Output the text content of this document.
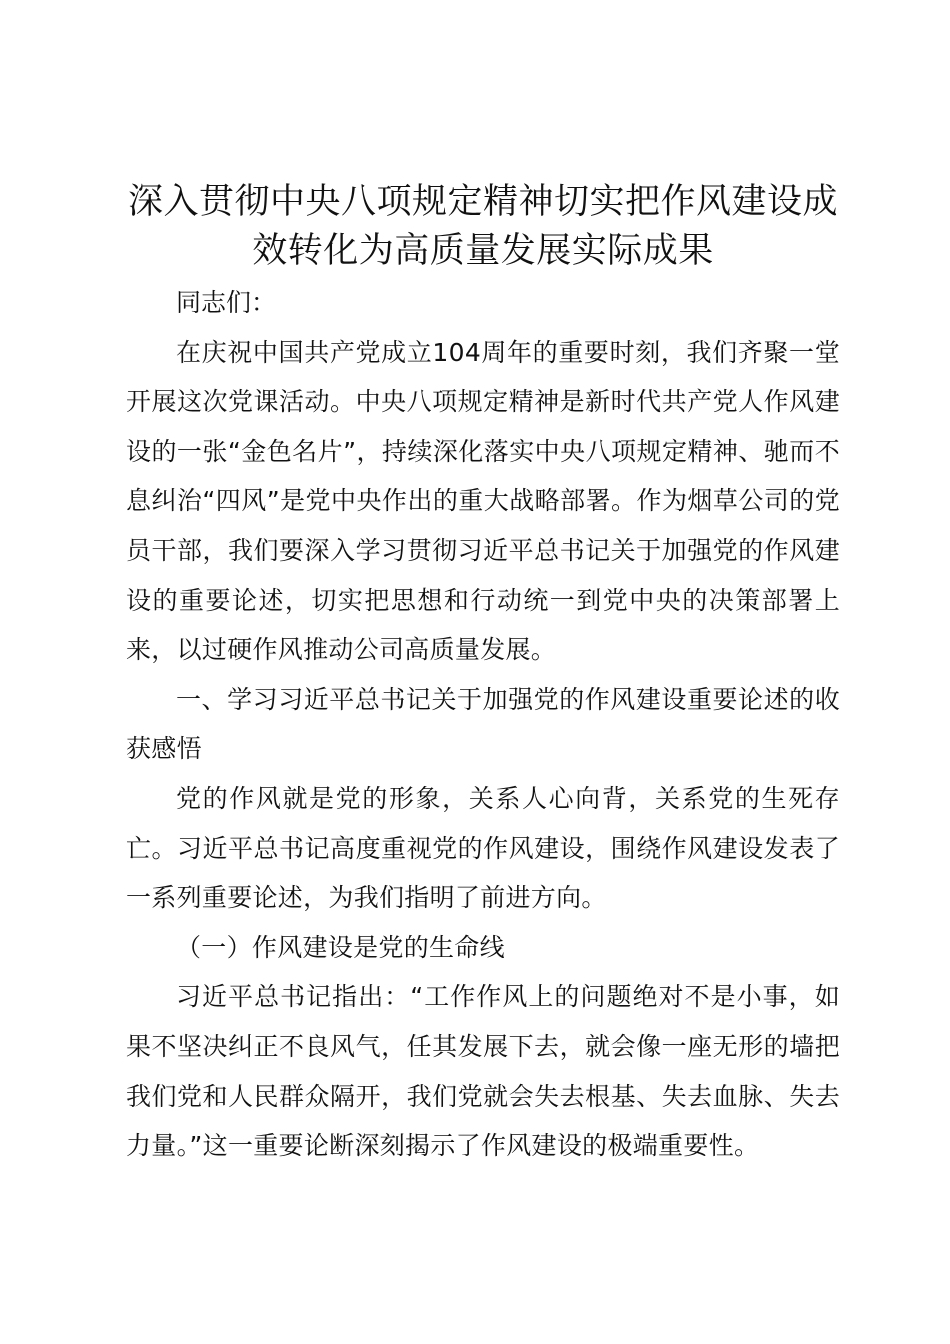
深入贯彻中央八项规定精神切实把作风建设成
效转化为高质量发展实际成果

同志们：

在庆祝中国共产党成立104周年的重要时刻，我们齐聚一堂开展这次党课活动。中央八项规定精神是新时代共产党人作风建设的一张“金色名片”，持续深化落实中央八项规定精神、驰而不息纠治“四风”是党中央作出的重大战略部署。作为烟草公司的党员干部，我们要深入学习贯彻习近平总书记关于加强党的作风建设的重要论述，切实把思想和行动统一到党中央的决策部署上来，以过硬作风推动公司高质量发展。

一、学习习近平总书记关于加强党的作风建设重要论述的收获感悟

党的作风就是党的形象，关系人心向背，关系党的生死存亡。习近平总书记高度重视党的作风建设，围绕作风建设发表了一系列重要论述，为我们指明了前进方向。

（一）作风建设是党的生命线

习近平总书记指出：“工作作风上的问题绝对不是小事，如果不坚决纠正不良风气，任其发展下去，就会像一座无形的墙把我们党和人民群众隔开，我们党就会失去根基、失去血脉、失去力量。”这一重要论断深刻揭示了作风建设的极端重要性。
